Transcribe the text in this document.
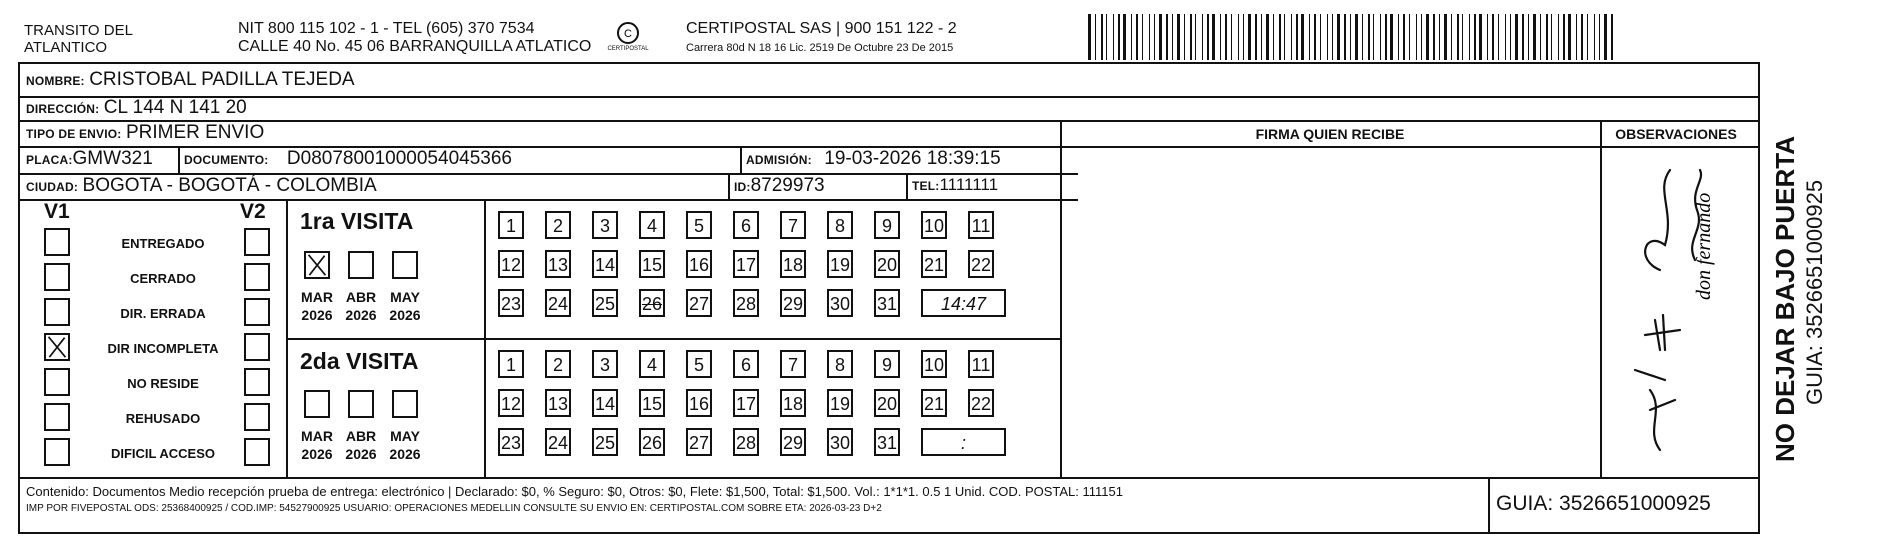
TRANSITO DEL ATLANTICO
NIT 800 115 102 - 1 - TEL (605) 370 7534
CALLE 40 No. 45 06 BARRANQUILLA ATLATICO
C
CERTIPOSTAL
CERTIPOSTAL SAS | 900 151 122 - 2
Carrera 80d N 18 16 Lic. 2519 De Octubre 23 De 2015
NOMBRE: CRISTOBAL PADILLA TEJEDA
DIRECCIÓN: CL 144 N 141 20
TIPO DE ENVIO: PRIMER ENVIO
PLACA:GMW321	DOCUMENTO: D08078001000054045366	ADMISIÓN: 19-03-2026 18:39:15
CIUDAD: BOGOTA - BOGOTÁ - COLOMBIA	ID:8729973	TEL:1111111
FIRMA QUIEN RECIBE	OBSERVACIONES
don fernando
V1	V2
ENTREGADO
CERRADO
DIR. ERRADA
DIR INCOMPLETA
NO RESIDE
REHUSADO
DIFICIL ACCESO
1ra VISITA
2da VISITA
MAR
2026
ABR
2026
MAY
2026
1	2	3	4	5	6	7	8	9	10 11
12 13 14 15 16 17 18 19 20 21 22
23 24 25 26 27 28 29 30 31	14:47
MAR
2026
ABR
2026
MAY
2026
1	2	3	4	5	6	7	8	9	10 11
12 13 14 15 16 17 18 19 20 21 22
23 24 25 26 27 28 29 30 31	:
Contenido: Documentos Medio recepción prueba de entrega: electrónico | Declarado: $0, % Seguro: $0, Otros: $0, Flete: $1,500, Total: $1,500. Vol.: 1*1*1. 0.5 1 Unid. COD. POSTAL: 111151
IMP POR FIVEPOSTAL ODS: 25368400925 / COD.IMP: 54527900925 USUARIO: OPERACIONES MEDELLIN CONSULTE SU ENVIO EN: CERTIPOSTAL.COM SOBRE ETA: 2026-03-23 D+2	GUIA: 3526651000925
NO DEJAR BAJO PUERTA GUIA: 3526651000925
